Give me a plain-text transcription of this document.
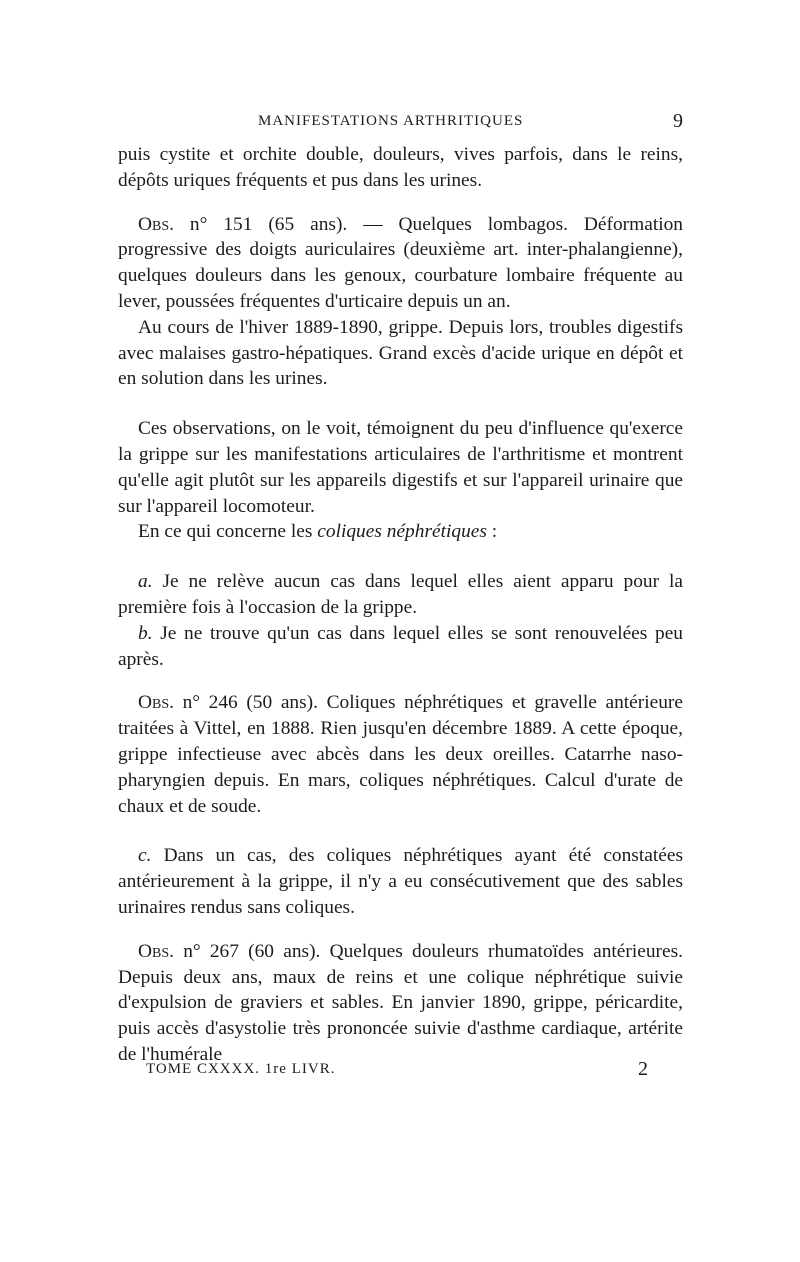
MANIFESTATIONS ARTHRITIQUES	9

puis cystite et orchite double, douleurs, vives parfois, dans le reins, dépôts uriques fréquents et pus dans les urines.

Obs. n° 151 (65 ans). — Quelques lombagos. Déformation progressive des doigts auriculaires (deuxième art. inter-phalangienne), quelques douleurs dans les genoux, courbature lombaire fréquente au lever, poussées fréquentes d'urticaire depuis un an.

Au cours de l'hiver 1889-1890, grippe. Depuis lors, troubles digestifs avec malaises gastro-hépatiques. Grand excès d'acide urique en dépôt et en solution dans les urines.

Ces observations, on le voit, témoignent du peu d'influence qu'exerce la grippe sur les manifestations articulaires de l'arthritisme et montrent qu'elle agit plutôt sur les appareils digestifs et sur l'appareil urinaire que sur l'appareil locomoteur.

En ce qui concerne les coliques néphrétiques :

a. Je ne relève aucun cas dans lequel elles aient apparu pour la première fois à l'occasion de la grippe.

b. Je ne trouve qu'un cas dans lequel elles se sont renouvelées peu après.

Obs. n° 246 (50 ans). Coliques néphrétiques et gravelle antérieure traitées à Vittel, en 1888. Rien jusqu'en décembre 1889. A cette époque, grippe infectieuse avec abcès dans les deux oreilles. Catarrhe naso-pharyngien depuis. En mars, coliques néphrétiques. Calcul d'urate de chaux et de soude.

c. Dans un cas, des coliques néphrétiques ayant été constatées antérieurement à la grippe, il n'y a eu consécutivement que des sables urinaires rendus sans coliques.

Obs. n° 267 (60 ans). Quelques douleurs rhumatoïdes antérieures. Depuis deux ans, maux de reins et une colique néphrétique suivie d'expulsion de graviers et sables. En janvier 1890, grippe, péricardite, puis accès d'asystolie très prononcée suivie d'asthme cardiaque, artérite de l'humérale

TOME CXXXX. 1re LIVR.	2
